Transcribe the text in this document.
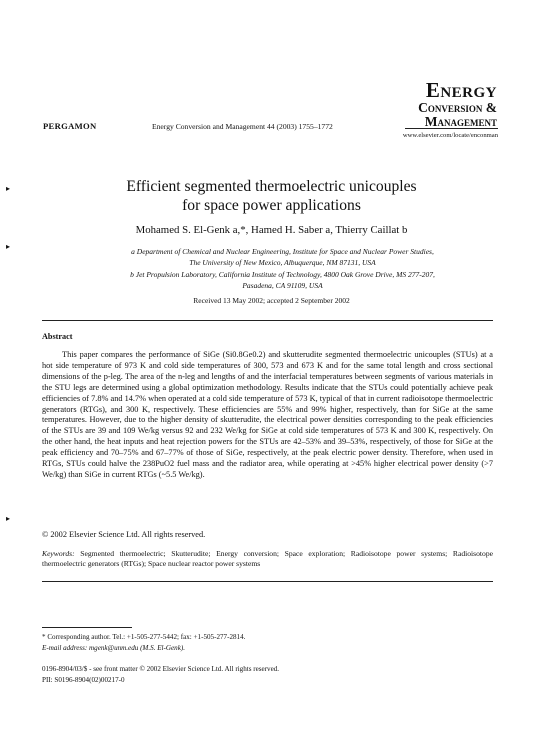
▸
▸
▸
PERGAMON	Energy Conversion and Management 44 (2003) 1755–1772
Energy
Conversion &
Management
www.elsevier.com/locate/enconman
Efficient segmented thermoelectric unicouples
for space power applications
Mohamed S. El-Genk a,*, Hamed H. Saber a, Thierry Caillat b
a Department of Chemical and Nuclear Engineering, Institute for Space and Nuclear Power Studies,
The University of New Mexico, Albuquerque, NM 87131, USA
b Jet Propulsion Laboratory, California Institute of Technology, 4800 Oak Grove Drive, MS 277-207,
Pasadena, CA 91109, USA
Received 13 May 2002; accepted 2 September 2002
Abstract
This paper compares the performance of SiGe (Si0.8Ge0.2) and skutterudite segmented thermoelectric unicouples (STUs) at a hot side temperature of 973 K and cold side temperatures of 300, 573 and 673 K and for the same total length and cross sectional dimensions of the p-leg. The area of the n-leg and lengths of and the interfacial temperatures between segments of various materials in the STU legs are determined using a global optimization methodology. Results indicate that the STUs could potentially achieve peak efficiencies of 7.8% and 14.7% when operated at a cold side temperature of 573 K, typical of that in current radioisotope thermoelectric generators (RTGs), and 300 K, respectively. These efficiencies are 55% and 99% higher, respectively, than for SiGe at the same temperatures. However, due to the higher density of skutterudite, the electrical power densities corresponding to the peak efficiencies of the STUs are 39 and 109 We/kg versus 92 and 232 We/kg for SiGe at cold side temperatures of 573 K and 300 K, respectively. On the other hand, the heat inputs and heat rejection powers for the STUs are 42–53% and 39–53%, respectively, of those for SiGe at the peak efficiency and 70–75% and 67–77% of those of SiGe, respectively, at the peak electric power density. Therefore, when used in RTGs, STUs could halve the 238PuO2 fuel mass and the radiator area, while operating at >45% higher electrical power density (>7 We/kg) than SiGe in current RTGs (~5.5 We/kg).
© 2002 Elsevier Science Ltd. All rights reserved.
Keywords: Segmented thermoelectric; Skutterudite; Energy conversion; Space exploration; Radioisotope power systems; Radioisotope thermoelectric generators (RTGs); Space nuclear reactor power systems
* Corresponding author. Tel.: +1-505-277-5442; fax: +1-505-277-2814.
E-mail address: mgenk@unm.edu (M.S. El-Genk).
0196-8904/03/$ - see front matter © 2002 Elsevier Science Ltd. All rights reserved.
PII: S0196-8904(02)00217-0
